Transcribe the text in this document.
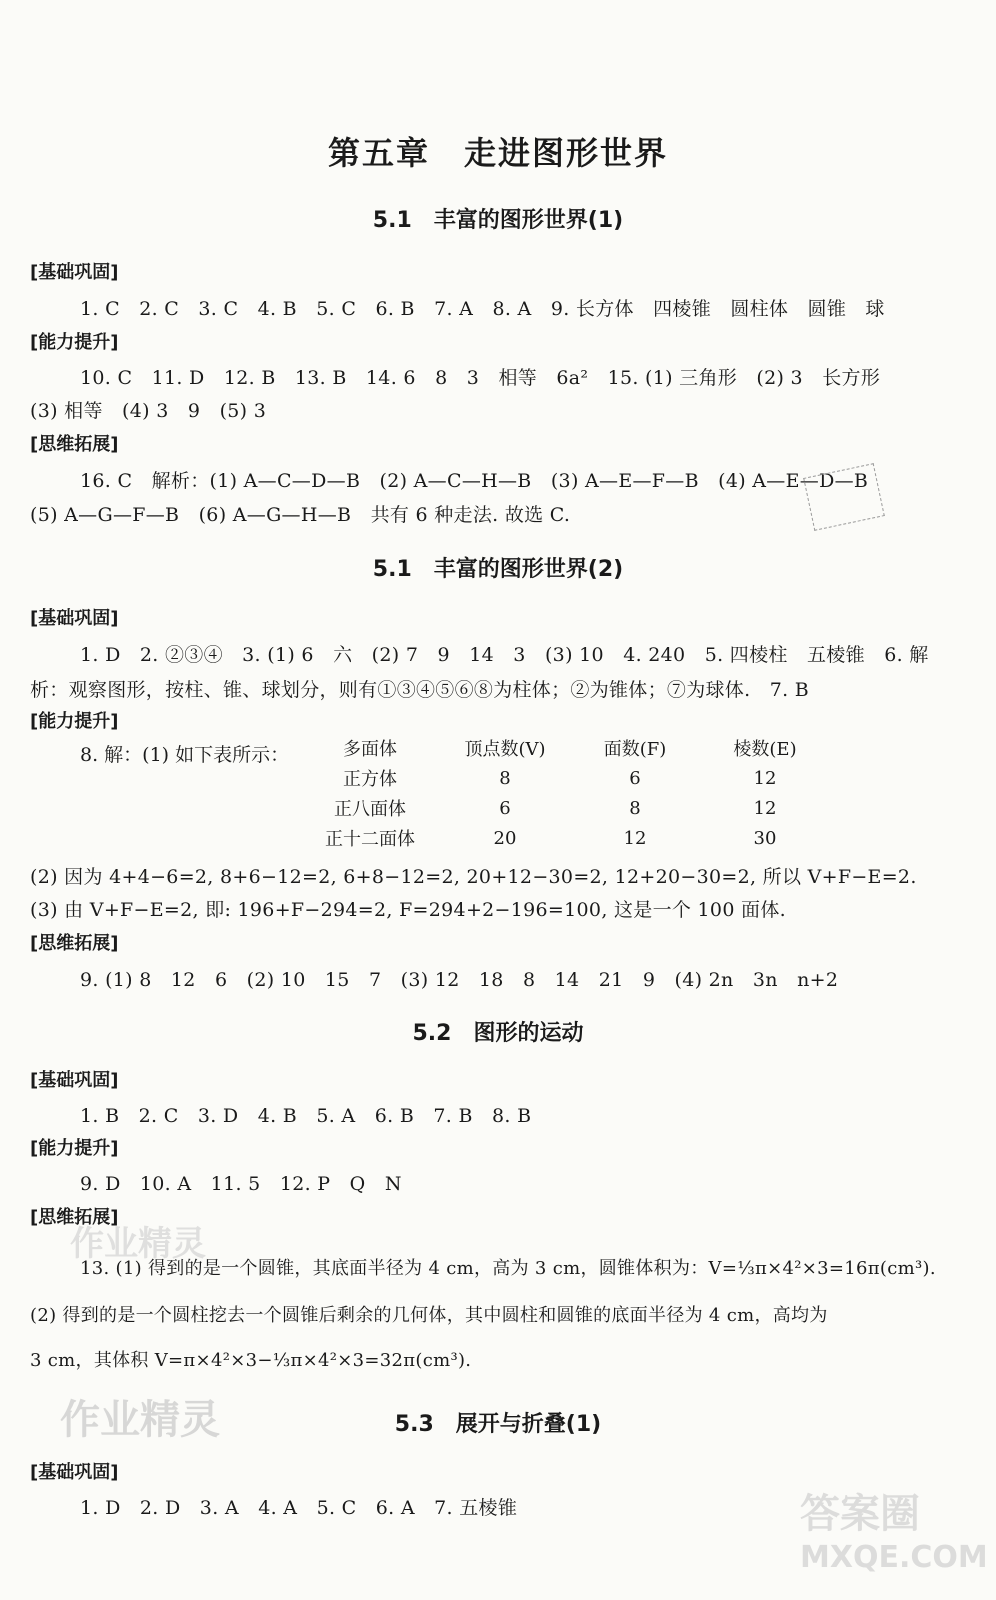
第五章　走进图形世界
5.1　丰富的图形世界(1)
[基础巩固]
1. C　2. C　3. C　4. B　5. C　6. B　7. A　8. A　9. 长方体　四棱锥　圆柱体　圆锥　球
[能力提升]
10. C　11. D　12. B　13. B　14. 6　8　3　相等　6a²　15. (1) 三角形　(2) 3　长方形
(3) 相等　(4) 3　9　(5) 3
[思维拓展]
16. C　解析：(1) A—C—D—B　(2) A—C—H—B　(3) A—E—F—B　(4) A—E—D—B
(5) A—G—F—B　(6) A—G—H—B　共有 6 种走法. 故选 C.
5.1　丰富的图形世界(2)
[基础巩固]
1. D　2. ②③④　3. (1) 6　六　(2) 7　9　14　3　(3) 10　4. 240　5. 四棱柱　五棱锥　6. 解
析：观察图形，按柱、锥、球划分，则有①③④⑤⑥⑧为柱体；②为锥体；⑦为球体.　7. B
[能力提升]
8. 解：(1) 如下表所示：	多面体	顶点数(V)	面数(F)	棱数(E)
正方体	8	6	12
正八面体	6	8	12
正十二面体	20	12	30
(2) 因为 4+4−6=2, 8+6−12=2, 6+8−12=2, 20+12−30=2, 12+20−30=2, 所以 V+F−E=2.
(3) 由 V+F−E=2, 即: 196+F−294=2, F=294+2−196=100, 这是一个 100 面体.
[思维拓展]
9. (1) 8　12　6　(2) 10　15　7　(3) 12　18　8　14　21　9　(4) 2n　3n　n+2
5.2　图形的运动
[基础巩固]
1. B　2. C　3. D　4. B　5. A　6. B　7. B　8. B
[能力提升]
9. D　10. A　11. 5　12. P　Q　N
[思维拓展]
13. (1) 得到的是一个圆锥，其底面半径为 4 cm，高为 3 cm，圆锥体积为：V=⅓π×4²×3=16π(cm³).
(2) 得到的是一个圆柱挖去一个圆锥后剩余的几何体，其中圆柱和圆锥的底面半径为 4 cm，高均为
3 cm，其体积 V=π×4²×3−⅓π×4²×3=32π(cm³).
5.3　展开与折叠(1)
[基础巩固]
1. D　2. D　3. A　4. A　5. C　6. A　7. 五棱锥
作业精灵
作业精灵
答案圈
MXQE.COM
